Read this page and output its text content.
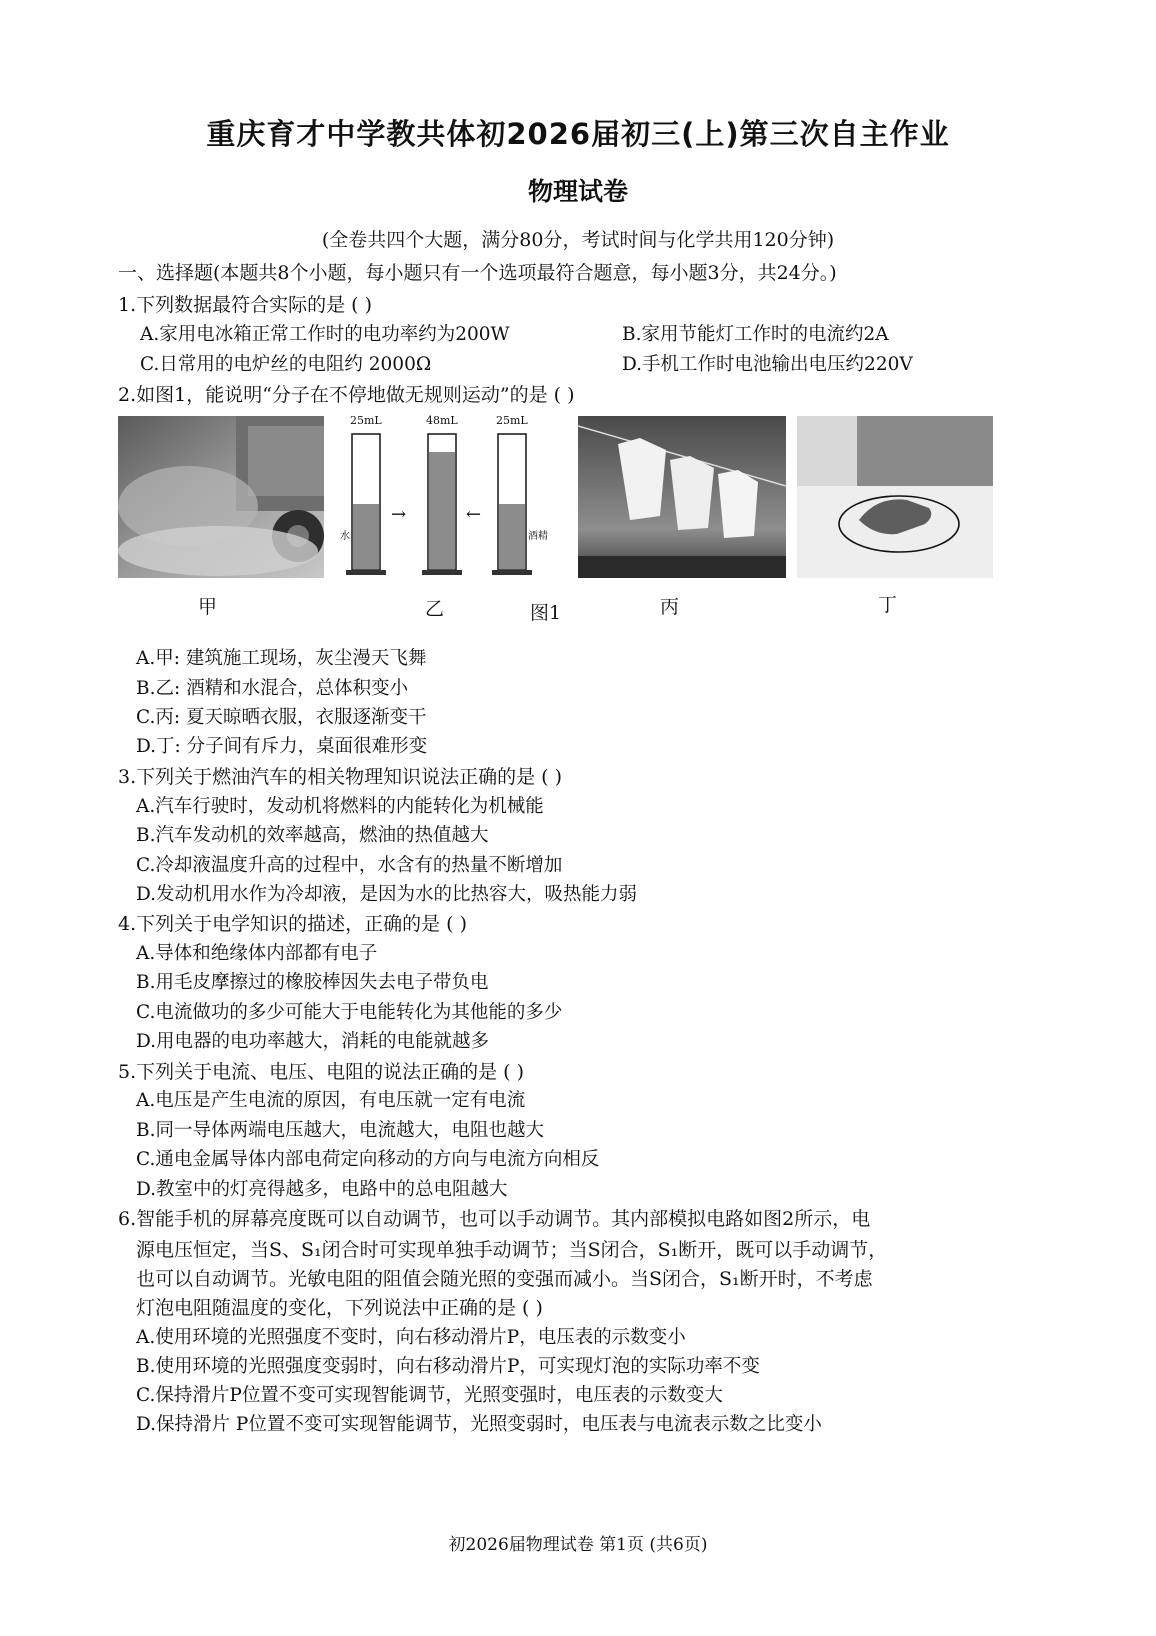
重庆育才中学教共体初2026届初三(上)第三次自主作业
物理试卷
(全卷共四个大题，满分80分，考试时间与化学共用120分钟)
一、选择题(本题共8个小题，每小题只有一个选项最符合题意，每小题3分，共24分。)
1.下列数据最符合实际的是 ( )
A.家用电冰箱正常工作时的电功率约为200W	B.家用节能灯工作时的电流约2A
C.日常用的电炉丝的电阻约 2000Ω	D.手机工作时电池输出电压约220V
2.如图1，能说明“分子在不停地做无规则运动”的是 ( )
25mL	48mL	25mL
水	酒精
→	←
甲	乙	图1	丙	丁
A.甲: 建筑施工现场，灰尘漫天飞舞
B.乙: 酒精和水混合，总体积变小
C.丙: 夏天晾晒衣服，衣服逐渐变干
D.丁: 分子间有斥力，桌面很难形变
3.下列关于燃油汽车的相关物理知识说法正确的是 ( )
A.汽车行驶时，发动机将燃料的内能转化为机械能
B.汽车发动机的效率越高，燃油的热值越大
C.冷却液温度升高的过程中，水含有的热量不断增加
D.发动机用水作为冷却液，是因为水的比热容大，吸热能力弱
4.下列关于电学知识的描述，正确的是 ( )
A.导体和绝缘体内部都有电子
B.用毛皮摩擦过的橡胶棒因失去电子带负电
C.电流做功的多少可能大于电能转化为其他能的多少
D.用电器的电功率越大，消耗的电能就越多
5.下列关于电流、电压、电阻的说法正确的是 ( )
A.电压是产生电流的原因，有电压就一定有电流
B.同一导体两端电压越大，电流越大，电阻也越大
C.通电金属导体内部电荷定向移动的方向与电流方向相反
D.教室中的灯亮得越多，电路中的总电阻越大
6.智能手机的屏幕亮度既可以自动调节，也可以手动调节。其内部模拟电路如图2所示，电
源电压恒定，当S、S₁闭合时可实现单独手动调节；当S闭合，S₁断开，既可以手动调节，
也可以自动调节。光敏电阻的阻值会随光照的变强而减小。当S闭合，S₁断开时，不考虑
灯泡电阻随温度的变化，下列说法中正确的是 ( )
A.使用环境的光照强度不变时，向右移动滑片P，电压表的示数变小
B.使用环境的光照强度变弱时，向右移动滑片P，可实现灯泡的实际功率不变
C.保持滑片P位置不变可实现智能调节，光照变强时，电压表的示数变大
D.保持滑片 P位置不变可实现智能调节，光照变弱时，电压表与电流表示数之比变小
初2026届物理试卷 第1页 (共6页)
